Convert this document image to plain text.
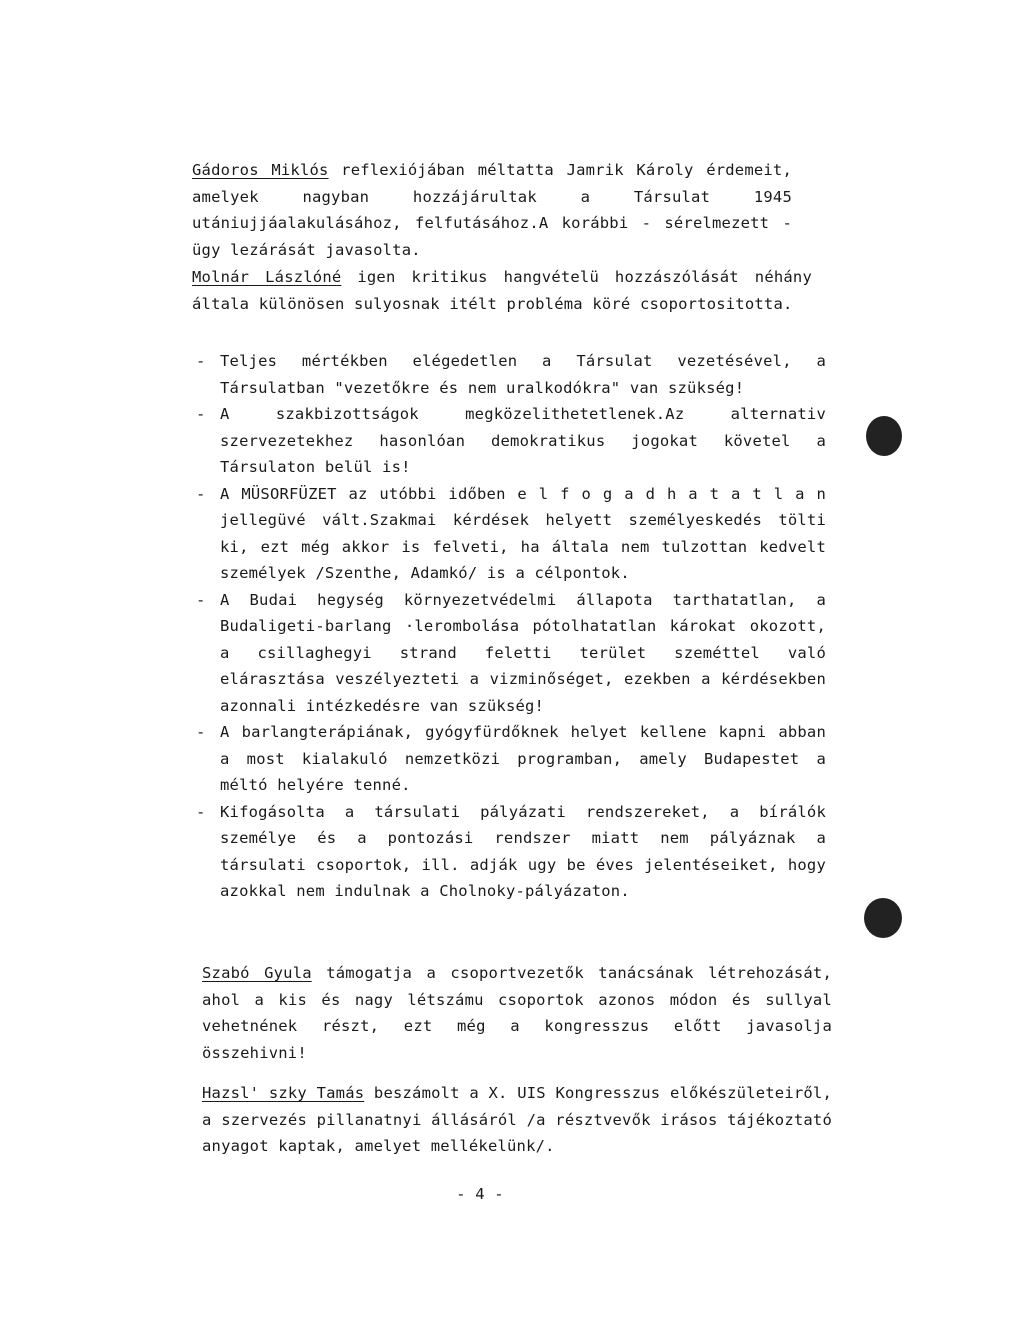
Gádoros Miklós reflexiójában méltatta Jamrik Károly érdemeit, amelyek nagyban hozzájárultak a Társulat 1945 utániujjáalakulásához, felfutásához.A korábbi - sérelmezett - ügy lezárását javasolta.

Molnár Lászlóné igen kritikus hangvételü hozzászólását néhány általa különösen sulyosnak itélt probléma köré csoportositotta.

- Teljes mértékben elégedetlen a Társulat vezetésével, a Társulatban "vezetőkre és nem uralkodókra" van szükség!
- A szakbizottságok megközelithetetlenek.Az alternativ szervezetekhez hasonlóan demokratikus jogokat követel a Társulaton belül is!
- A MÜSORFÜZET az utóbbi időben e l f o g a d h a t a t l a n jellegüvé vált.Szakmai kérdések helyett személyeskedés tölti ki, ezt még akkor is felveti, ha általa nem tulzottan kedvelt személyek /Szenthe, Adamkó/ is a célpontok.
- A Budai hegység környezetvédelmi állapota tarthatatlan, a Budaligeti-barlang ·lerombolása pótolhatatlan károkat okozott, a csillaghegyi strand feletti terület szeméttel való elárasztása veszélyezteti a vizminőséget, ezekben a kérdésekben azonnali intézkedésre van szükség!
- A barlangterápiának, gyógyfürdőknek helyet kellene kapni abban a most kialakuló nemzetközi programban, amely Budapestet a méltó helyére tenné.
- Kifogásolta a társulati pályázati rendszereket, a bírálók személye és a pontozási rendszer miatt nem pályáznak a társulati csoportok, ill. adják ugy be éves jelentéseiket, hogy azokkal nem indulnak a Cholnoky-pályázaton.

Szabó Gyula támogatja a csoportvezetők tanácsának létrehozását, ahol a kis és nagy létszámu csoportok azonos módon és sullyal vehetnének részt, ezt még a kongresszus előtt javasolja összehivni!

Hazsl' szky Tamás beszámolt a X. UIS Kongresszus előkészületeiről, a szervezés pillanatnyi állásáról /a résztvevők irásos tájékoztató anyagot kaptak, amelyet mellékelünk/.

- 4 -
